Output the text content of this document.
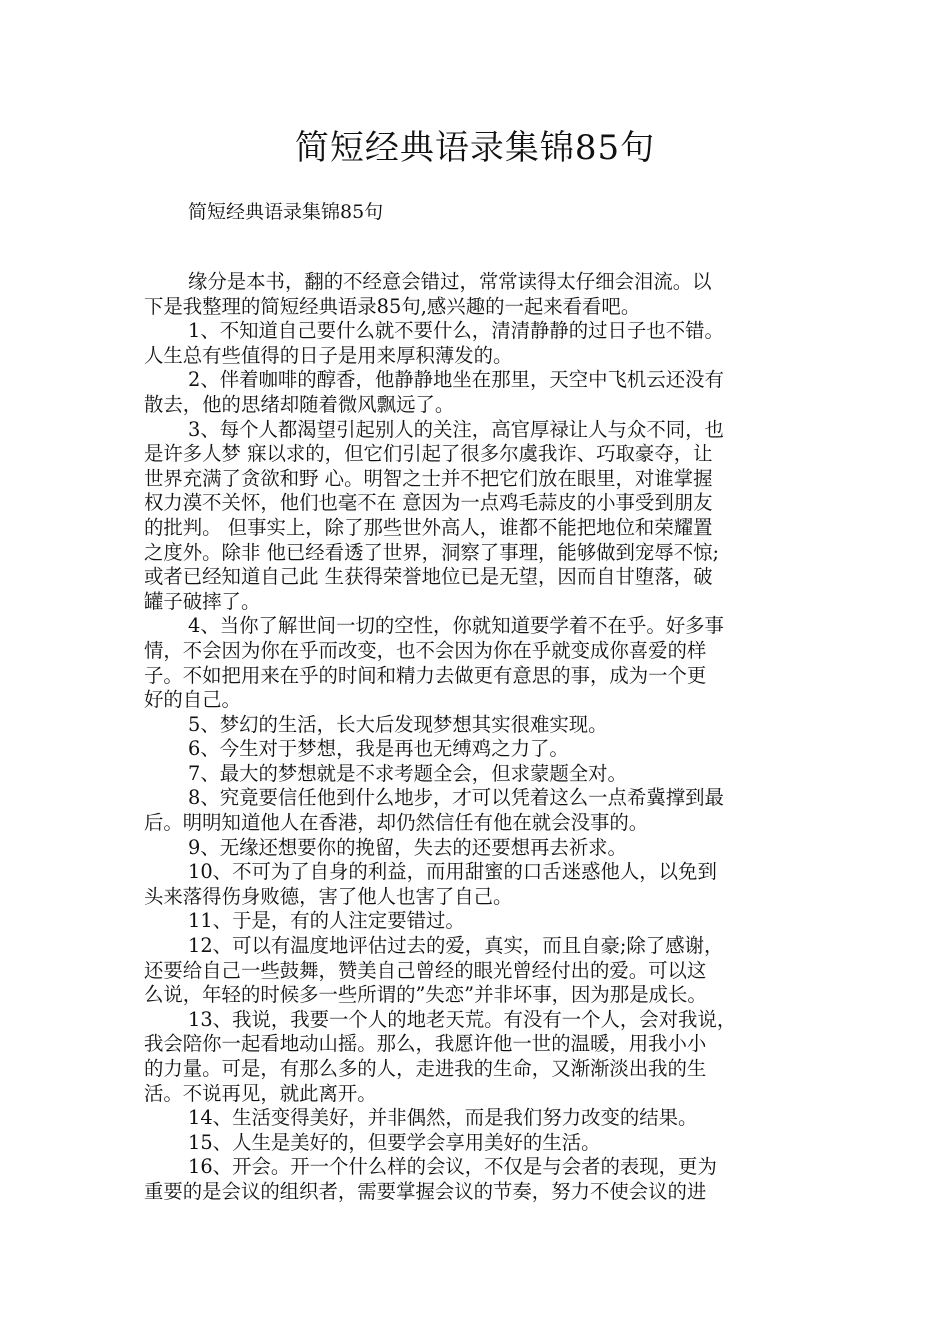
简短经典语录集锦85句

简短经典语录集锦85句

缘分是本书，翻的不经意会错过，常常读得太仔细会泪流。以
下是我整理的简短经典语录85句,感兴趣的一起来看看吧。
1、不知道自己要什么就不要什么，清清静静的过日子也不错。
人生总有些值得的日子是用来厚积薄发的。
2、伴着咖啡的醇香，他静静地坐在那里，天空中飞机云还没有
散去，他的思绪却随着微风飘远了。
3、每个人都渴望引起别人的关注，高官厚禄让人与众不同，也
是许多人梦 寐以求的，但它们引起了很多尔虞我诈、巧取豪夺，让
世界充满了贪欲和野 心。明智之士并不把它们放在眼里，对谁掌握
权力漠不关怀，他们也毫不在 意因为一点鸡毛蒜皮的小事受到朋友
的批判。 但事实上，除了那些世外高人，谁都不能把地位和荣耀置
之度外。除非 他已经看透了世界，洞察了事理，能够做到宠辱不惊;
或者已经知道自己此 生获得荣誉地位已是无望，因而自甘堕落，破
罐子破摔了。
4、当你了解世间一切的空性，你就知道要学着不在乎。好多事
情，不会因为你在乎而改变，也不会因为你在乎就变成你喜爱的样
子。不如把用来在乎的时间和精力去做更有意思的事，成为一个更
好的自己。
5、梦幻的生活，长大后发现梦想其实很难实现。
6、今生对于梦想，我是再也无缚鸡之力了。
7、最大的梦想就是不求考题全会，但求蒙题全对。
8、究竟要信任他到什么地步，才可以凭着这么一点希冀撑到最
后。明明知道他人在香港，却仍然信任有他在就会没事的。
9、无缘还想要你的挽留，失去的还要想再去祈求。
10、不可为了自身的利益，而用甜蜜的口舌迷惑他人，以免到
头来落得伤身败德，害了他人也害了自己。
11、于是，有的人注定要错过。
12、可以有温度地评估过去的爱，真实，而且自豪;除了感谢，
还要给自己一些鼓舞，赞美自己曾经的眼光曾经付出的爱。可以这
么说，年轻的时候多一些所谓的”失恋”并非坏事，因为那是成长。
13、我说，我要一个人的地老天荒。有没有一个人，会对我说，
我会陪你一起看地动山摇。那么，我愿许他一世的温暖，用我小小
的力量。可是，有那么多的人，走进我的生命，又渐渐淡出我的生
活。不说再见，就此离开。
14、生活变得美好，并非偶然，而是我们努力改变的结果。
15、人生是美好的，但要学会享用美好的生活。
16、开会。开一个什么样的会议，不仅是与会者的表现，更为
重要的是会议的组织者，需要掌握会议的节奏，努力不使会议的进
